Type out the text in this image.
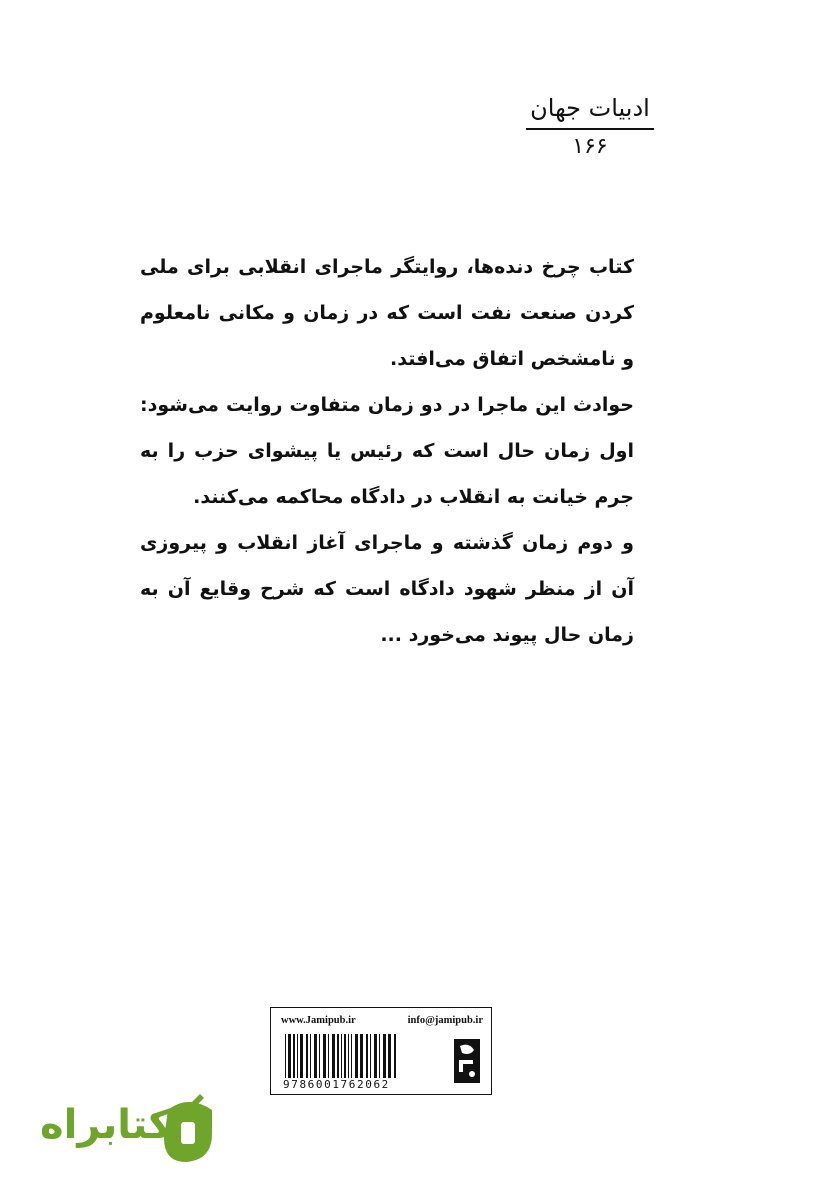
ادبیات جهان
۱۶۶

کتاب چرخ دنده‌ها، روایتگر ماجرای انقلابی برای ملی کردن صنعت نفت است که در زمان و مکانی نامعلوم و نامشخص اتفاق می‌افتد.

حوادث این ماجرا در دو زمان متفاوت روایت می‌شود: اول زمان حال است که رئیس یا پیشوای حزب را به جرم خیانت به انقلاب در دادگاه محاکمه می‌کنند.

و دوم زمان گذشته و ماجرای آغاز انقلاب و پیروزی آن از منظر شهود دادگاه است که شرح وقایع آن به زمان حال پیوند می‌خورد ...

www.Jamipub.ir	info@jamipub.ir
9786001762062
کتابراه
